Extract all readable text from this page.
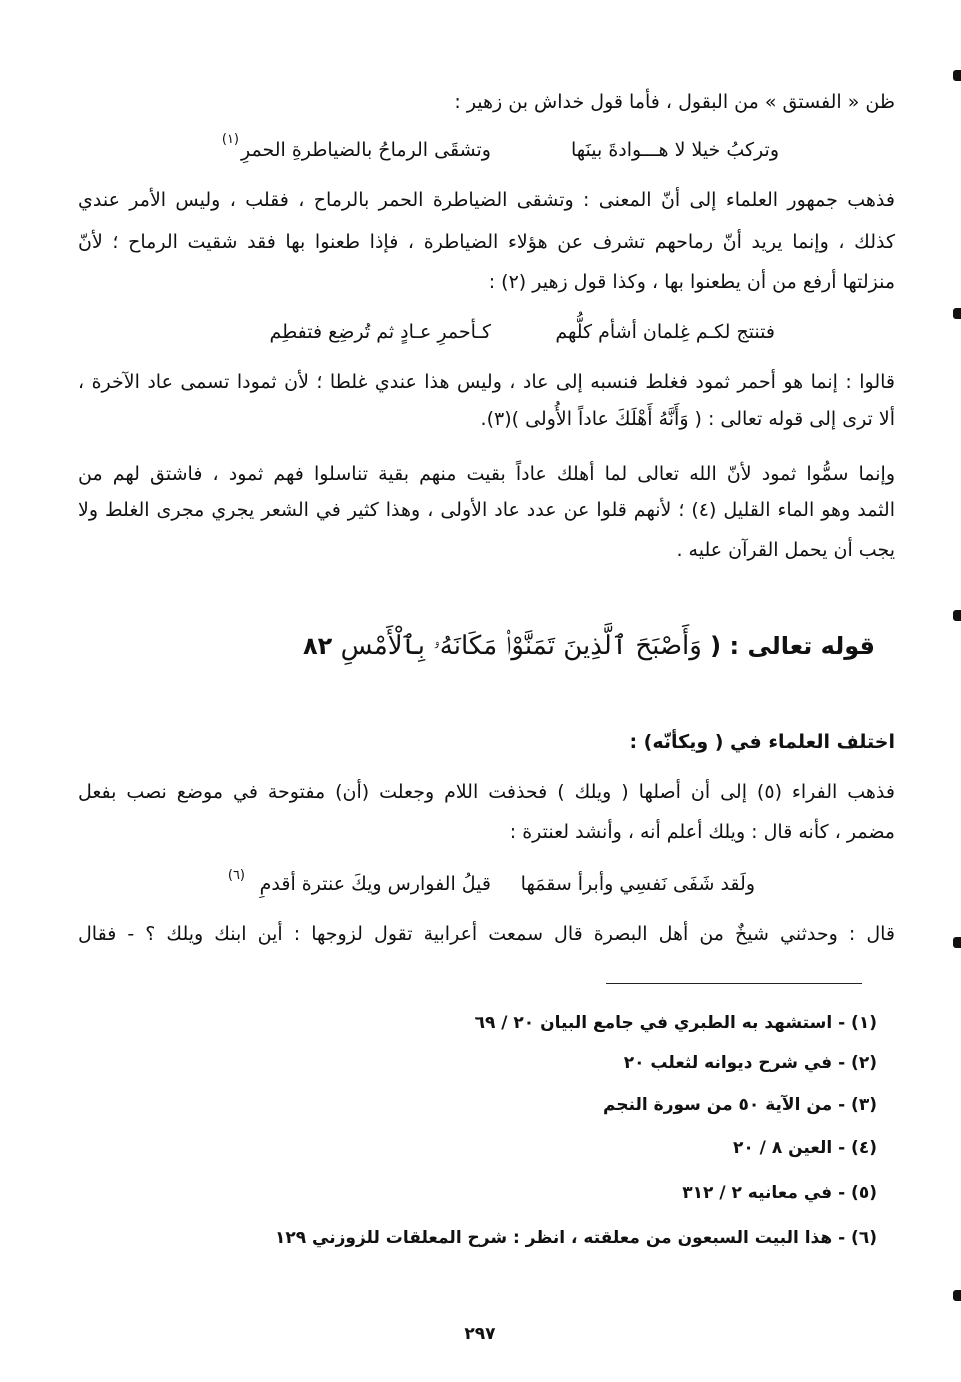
ظن « الفستق » من البقول ، فأما قول خداش بن زهير :
وتركبُ خيلا لا هـــوادةَ بينَها
وتشقَى الرماحُ بالضياطرةِ الحمرِ
(١)
فذهب جمهور العلماء إلى أنّ المعنى : وتشقى الضياطرة الحمر بالرماح ، فقلب ، وليس الأمر عندي
كذلك ، وإنما يريد أنّ رماحهم تشرف عن هؤلاء الضياطرة ، فإذا طعنوا بها فقد شقيت الرماح ؛ لأنّ
منزلتها أرفع من أن يطعنوا بها ، وكذا قول زهير (٢) :
فتنتج لكـم غِلمان أشأم كلُّهم
كـأحمرِ عـادٍ ثم تُرضِع فتفطِم
قالوا : إنما هو أحمر ثمود فغلط فنسبه إلى عاد ، وليس هذا عندي غلطا ؛ لأن ثمودا تسمى عاد الآخرة ،
ألا ترى إلى قوله تعالى : ( وَأَنَّهُ أَهْلَكَ عاداً الأُولى )(٣).
وإنما سمُّوا ثمود لأنّ الله تعالى لما أهلك عاداً بقيت منهم بقية تناسلوا فهم ثمود ، فاشتق لهم من
الثمد وهو الماء القليل (٤) ؛ لأنهم قلوا عن عدد عاد الأولى ، وهذا كثير في الشعر يجري مجرى الغلط ولا
يجب أن يحمل القرآن عليه .
قوله تعالى : ( وَأَصْبَحَ ٱلَّذِينَ تَمَنَّوْا۟ مَكَانَهُۥ بِٱلْأَمْسِ ٨٢
اختلف العلماء في ( ويكأنّه) :
فذهب الفراء (٥) إلى أن أصلها ( ويلك ) فحذفت اللام وجعلت (أن) مفتوحة في موضع نصب بفعل
مضمر ، كأنه قال : ويلك أعلم أنه ، وأنشد لعنترة :
ولَقد شَفَى نَفسِي وأبرأ سقمَها
قيلُ الفوارس ويكَ عنترة أقدمِ
(٦)
قال : وحدثني شيخٌ من أهل البصرة قال سمعت أعرابية تقول لزوجها : أين ابنك ويلك ؟ - فقال
(١) - استشهد به الطبري في جامع البيان ٢٠ / ٦٩
(٢) - في شرح ديوانه لثعلب ٢٠
(٣) - من الآية ٥٠ من سورة النجم
(٤) - العين ٨ / ٢٠
(٥) - في معانيه ٢ / ٣١٢
(٦) - هذا البيت السبعون من معلقته ، انظر : شرح المعلقات للزوزني ١٢٩
٢٩٧
